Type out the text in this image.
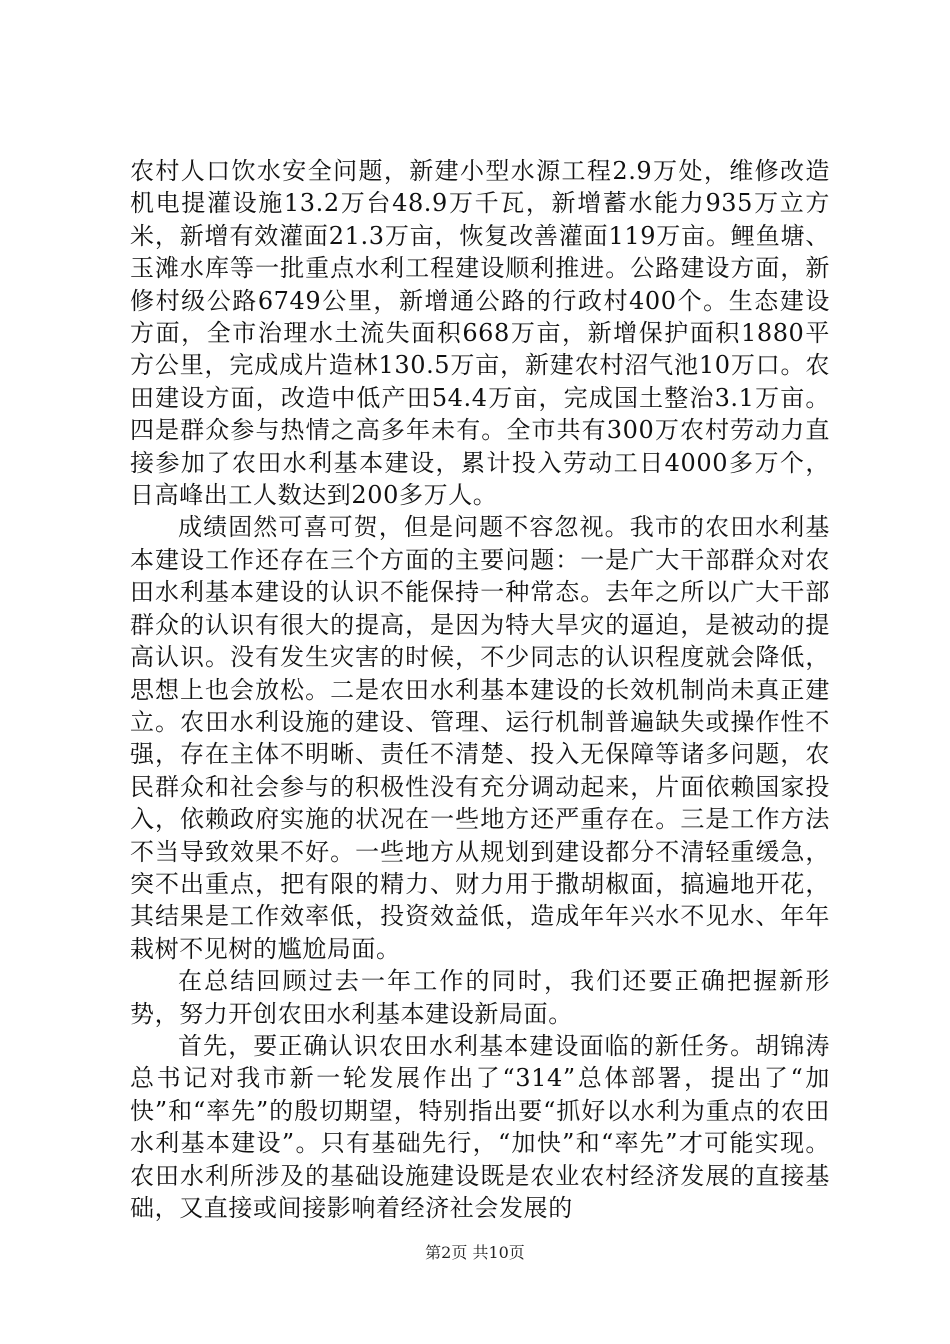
农村人口饮水安全问题，新建小型水源工程2.9万处，维修改造机电提灌设施13.2万台48.9万千瓦，新增蓄水能力935万立方米，新增有效灌面21.3万亩，恢复改善灌面119万亩。鲤鱼塘、玉滩水库等一批重点水利工程建设顺利推进。公路建设方面，新修村级公路6749公里，新增通公路的行政村400个。生态建设方面，全市治理水土流失面积668万亩，新增保护面积1880平方公里，完成成片造林130.5万亩，新建农村沼气池10万口。农田建设方面，改造中低产田54.4万亩，完成国土整治3.1万亩。四是群众参与热情之高多年未有。全市共有300万农村劳动力直接参加了农田水利基本建设，累计投入劳动工日4000多万个，日高峰出工人数达到200多万人。

成绩固然可喜可贺，但是问题不容忽视。我市的农田水利基本建设工作还存在三个方面的主要问题：一是广大干部群众对农田水利基本建设的认识不能保持一种常态。去年之所以广大干部群众的认识有很大的提高，是因为特大旱灾的逼迫，是被动的提高认识。没有发生灾害的时候，不少同志的认识程度就会降低，思想上也会放松。二是农田水利基本建设的长效机制尚未真正建立。农田水利设施的建设、管理、运行机制普遍缺失或操作性不强，存在主体不明晰、责任不清楚、投入无保障等诸多问题，农民群众和社会参与的积极性没有充分调动起来，片面依赖国家投入，依赖政府实施的状况在一些地方还严重存在。三是工作方法不当导致效果不好。一些地方从规划到建设都分不清轻重缓急，突不出重点，把有限的精力、财力用于撒胡椒面，搞遍地开花，其结果是工作效率低，投资效益低，造成年年兴水不见水、年年栽树不见树的尴尬局面。

在总结回顾过去一年工作的同时，我们还要正确把握新形势，努力开创农田水利基本建设新局面。

首先，要正确认识农田水利基本建设面临的新任务。胡锦涛总书记对我市新一轮发展作出了“314”总体部署，提出了“加快”和“率先”的殷切期望，特别指出要“抓好以水利为重点的农田水利基本建设”。只有基础先行，“加快”和“率先”才可能实现。农田水利所涉及的基础设施建设既是农业农村经济发展的直接基础，又直接或间接影响着经济社会发展的

第2页 共10页
